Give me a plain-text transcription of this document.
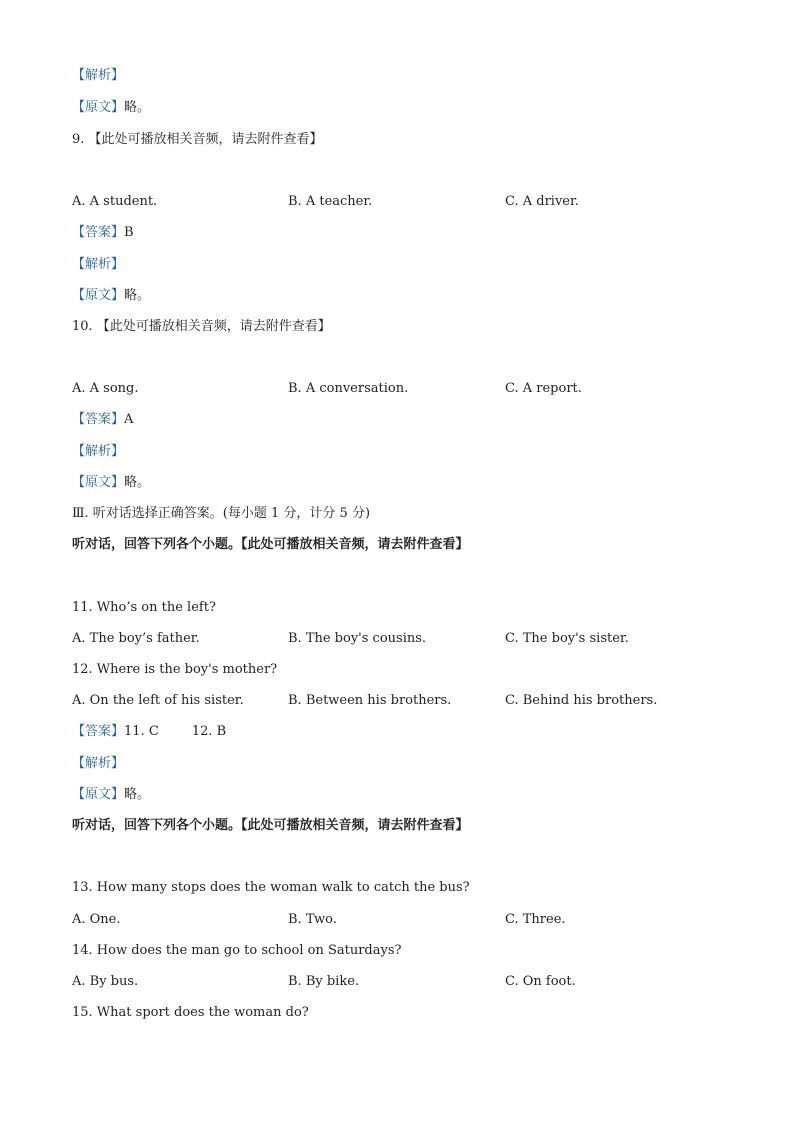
【解析】
【原文】略。
9. 【此处可播放相关音频，请去附件查看】
A. A student.	B. A teacher.	C. A driver.
【答案】B
【解析】
【原文】略。
10. 【此处可播放相关音频，请去附件查看】
A. A song.	B. A conversation.	C. A report.
【答案】A
【解析】
【原文】略。
Ⅲ. 听对话选择正确答案。(每小题 1 分，计分 5 分)
听对话，回答下列各个小题。【此处可播放相关音频，请去附件查看】
11. Who’s on the left?
A. The boy’s father.	B. The boy's cousins.	C. The boy's sister.
12. Where is the boy's mother?
A. On the left of his sister.	B. Between his brothers.	C. Behind his brothers.
【答案】11. C        12. B
【解析】
【原文】略。
听对话，回答下列各个小题。【此处可播放相关音频，请去附件查看】
13. How many stops does the woman walk to catch the bus?
A. One.	B. Two.	C. Three.
14. How does the man go to school on Saturdays?
A. By bus.	B. By bike.	C. On foot.
15. What sport does the woman do?
